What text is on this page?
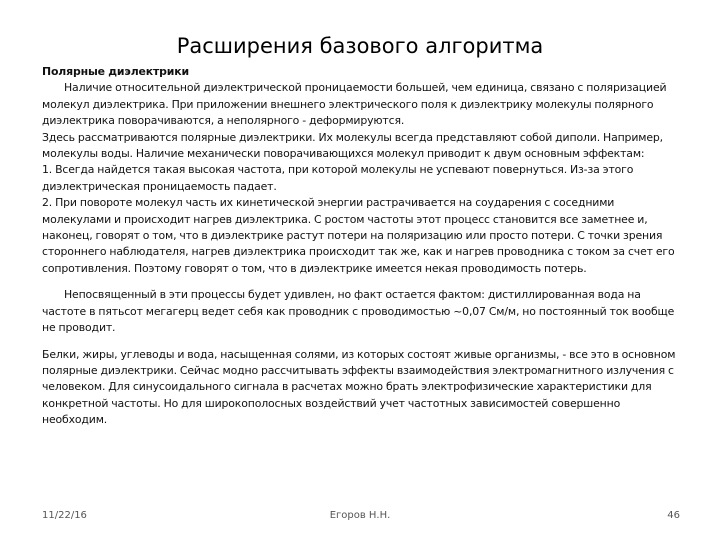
Расширения базового алгоритма

Полярные диэлектрики

Наличие относительной диэлектрической проницаемости большей, чем единица, связано с поляризацией молекул диэлектрика. При приложении внешнего электрического поля к диэлектрику молекулы полярного диэлектрика поворачиваются, а неполярного - деформируются.

Здесь рассматриваются полярные диэлектрики. Их молекулы всегда представляют собой диполи. Например, молекулы воды. Наличие механически поворачивающихся молекул приводит к двум основным эффектам:

1. Всегда найдется такая высокая частота, при которой молекулы не успевают повернуться. Из-за этого диэлектрическая проницаемость падает.

2. При повороте молекул часть их кинетической энергии растрачивается на соударения с соседними молекулами и происходит нагрев диэлектрика. С ростом частоты этот процесс становится все заметнее и, наконец, говорят о том, что в диэлектрике растут потери на поляризацию или просто потери. С точки зрения стороннего наблюдателя, нагрев диэлектрика происходит так же, как и нагрев проводника с током за счет его сопротивления. Поэтому говорят о том, что в диэлектрике имеется некая проводимость потерь.

Непосвященный в эти процессы будет удивлен, но факт остается фактом: дистиллированная вода на частоте в пятьсот мегагерц ведет себя как проводник с проводимостью ~0,07 См/м, но постоянный ток вообще не проводит.

Белки, жиры, углеводы и вода, насыщенная солями, из которых состоят живые организмы, - все это в основном полярные диэлектрики. Сейчас модно рассчитывать эффекты взаимодействия электромагнитного излучения с человеком. Для синусоидального сигнала в расчетах можно брать электрофизические характеристики для конкретной частоты. Но для широкополосных воздействий учет частотных зависимостей совершенно необходим.

11/22/16	Егоров Н.Н.	46
